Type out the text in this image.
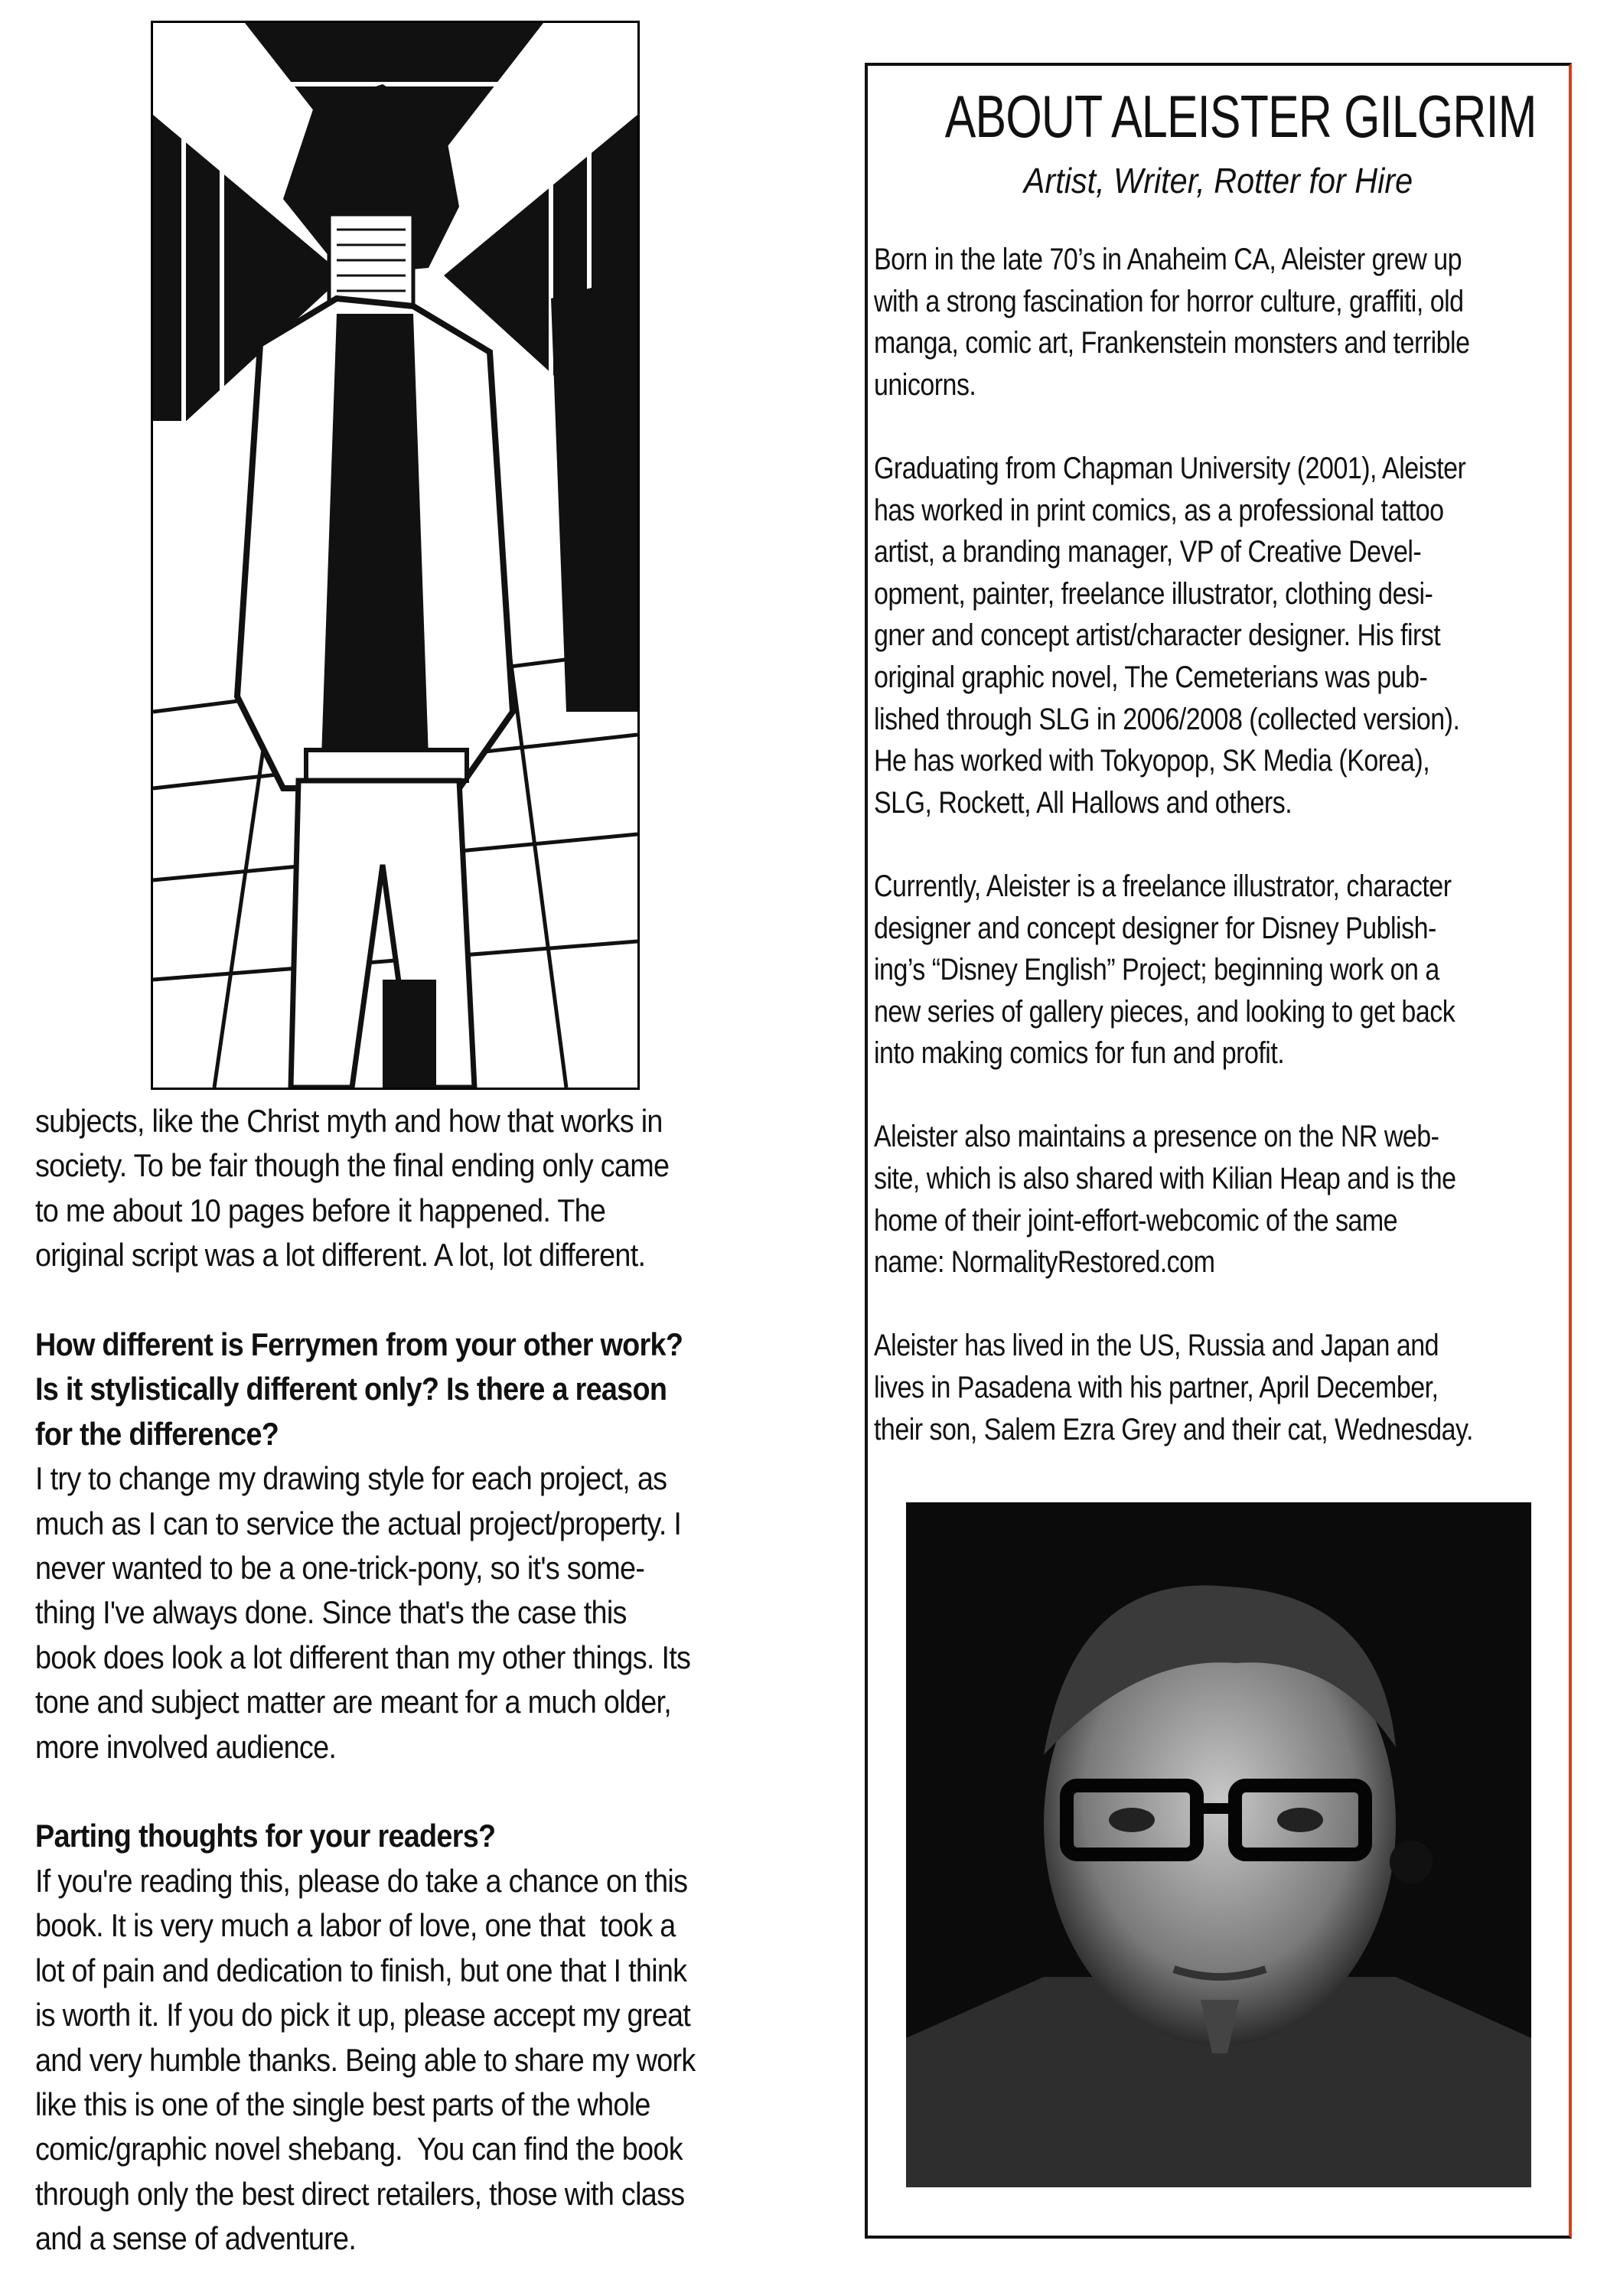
subjects, like the Christ myth and how that works in
society. To be fair though the final ending only came
to me about 10 pages before it happened. The
original script was a lot different. A lot, lot different.
How different is Ferrymen from your other work?
Is it stylistically different only? Is there a reason
for the difference?
I try to change my drawing style for each project, as
much as I can to service the actual project/property. I
never wanted to be a one-trick-pony, so it's some-
thing I've always done. Since that's the case this
book does look a lot different than my other things. Its
tone and subject matter are meant for a much older,
more involved audience.
Parting thoughts for your readers?
If you're reading this, please do take a chance on this
book. It is very much a labor of love, one that  took a
lot of pain and dedication to finish, but one that I think
is worth it. If you do pick it up, please accept my great
and very humble thanks. Being able to share my work
like this is one of the single best parts of the whole
comic/graphic novel shebang.  You can find the book
through only the best direct retailers, those with class
and a sense of adventure.
ABOUT ALEISTER GILGRIM
Artist, Writer, Rotter for Hire
Born in the late 70’s in Anaheim CA, Aleister grew up
with a strong fascination for horror culture, graffiti, old
manga, comic art, Frankenstein monsters and terrible
unicorns.
Graduating from Chapman University (2001), Aleister
has worked in print comics, as a professional tattoo
artist, a branding manager, VP of Creative Devel-
opment, painter, freelance illustrator, clothing desi-
gner and concept artist/character designer. His first
original graphic novel, The Cemeterians was pub-
lished through SLG in 2006/2008 (collected version).
He has worked with Tokyopop, SK Media (Korea),
SLG, Rockett, All Hallows and others.
Currently, Aleister is a freelance illustrator, character
designer and concept designer for Disney Publish-
ing’s “Disney English” Project; beginning work on a
new series of gallery pieces, and looking to get back
into making comics for fun and profit.
Aleister also maintains a presence on the NR web-
site, which is also shared with Kilian Heap and is the
home of their joint-effort-webcomic of the same
name: NormalityRestored.com
Aleister has lived in the US, Russia and Japan and
lives in Pasadena with his partner, April December,
their son, Salem Ezra Grey and their cat, Wednesday.
